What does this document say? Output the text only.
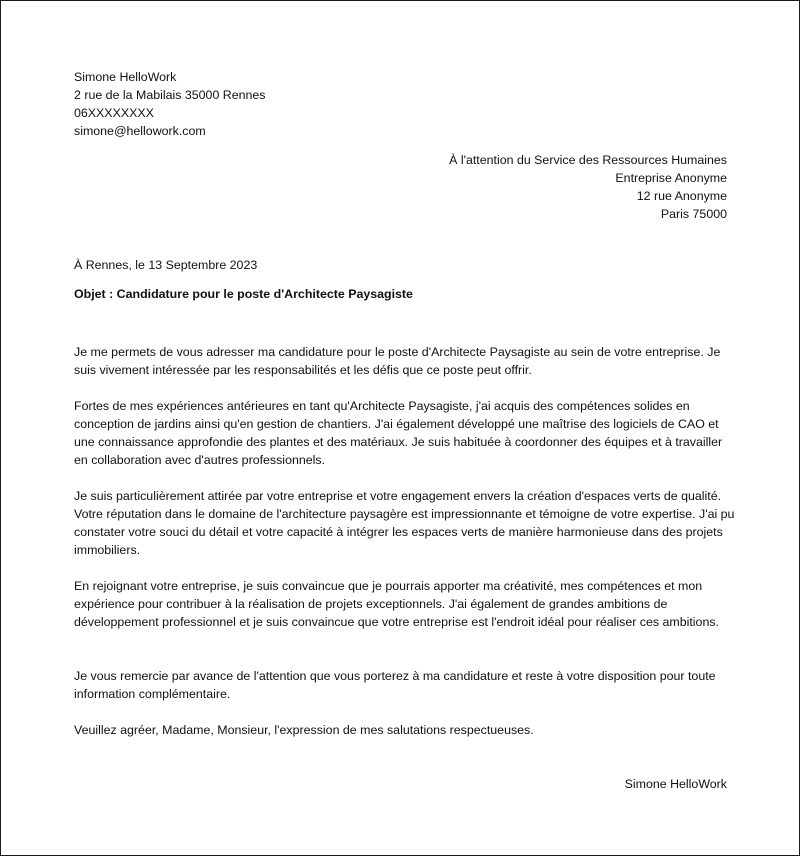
Simone HelloWork
2 rue de la Mabilais 35000 Rennes
06XXXXXXXX
simone@hellowork.com
À l'attention du Service des Ressources Humaines
Entreprise Anonyme
12 rue Anonyme
Paris 75000
À Rennes, le 13 Septembre 2023
Objet : Candidature pour le poste d'Architecte Paysagiste

Je me permets de vous adresser ma candidature pour le poste d'Architecte Paysagiste au sein de votre entreprise. Je suis vivement intéressée par les responsabilités et les défis que ce poste peut offrir.

Fortes de mes expériences antérieures en tant qu'Architecte Paysagiste, j'ai acquis des compétences solides en conception de jardins ainsi qu'en gestion de chantiers. J'ai également développé une maîtrise des logiciels de CAO et une connaissance approfondie des plantes et des matériaux. Je suis habituée à coordonner des équipes et à travailler en collaboration avec d'autres professionnels.

Je suis particulièrement attirée par votre entreprise et votre engagement envers la création d'espaces verts de qualité. Votre réputation dans le domaine de l'architecture paysagère est impressionnante et témoigne de votre expertise. J'ai pu constater votre souci du détail et votre capacité à intégrer les espaces verts de manière harmonieuse dans des projets immobiliers.

En rejoignant votre entreprise, je suis convaincue que je pourrais apporter ma créativité, mes compétences et mon expérience pour contribuer à la réalisation de projets exceptionnels. J'ai également de grandes ambitions de développement professionnel et je suis convaincue que votre entreprise est l'endroit idéal pour réaliser ces ambitions.

Je vous remercie par avance de l'attention que vous porterez à ma candidature et reste à votre disposition pour toute information complémentaire.

Veuillez agréer, Madame, Monsieur, l'expression de mes salutations respectueuses.

Simone HelloWork
